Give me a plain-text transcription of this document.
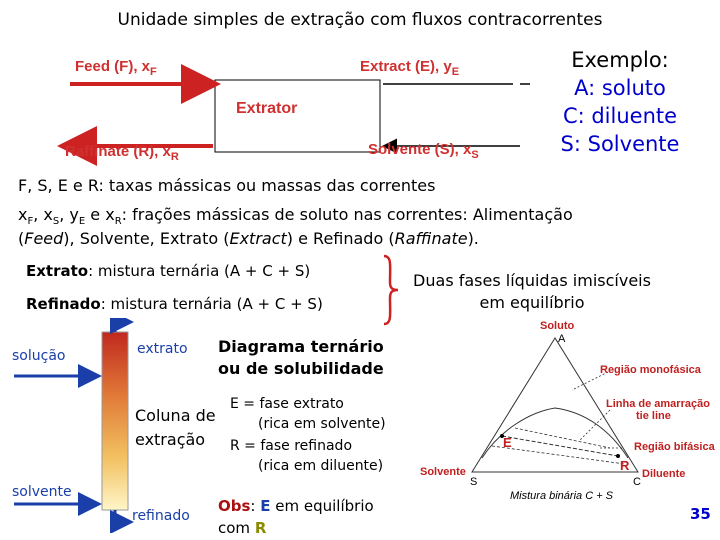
Unidade simples de extração com fluxos contracorrentes
Extrator
Feed (F), $x_F$	Extract (E), $y_E$
Raffinate (R), $x_R$	Solvente (S), $x_S$
Exemplo:
A: soluto
C: diluente
S: Solvente
F, S, E e R: taxas mássicas ou massas das correntes
$x_F$, $x_S$, $y_E$ e $x_R$: frações mássicas de soluto nas correntes: Alimentação
(Feed), Solvente, Extrato (Extract) e Refinado (Raffinate).
Extrato: mistura ternária (A + C + S)
Refinado: mistura ternária (A + C + S)
Duas fases líquidas imiscíveis
em equilíbrio
solução	extrato
solvente
refinado
Diagrama ternário
ou de solubilidade
Coluna de
extração
E = fase extrato
(rica em solvente)
R = fase refinado
(rica em diluente)
Obs: E em equilíbrio
com R
Soluto
A
Região monofásica
Linha de amarração
tie line
E	Região bifásica
R
Solvente	Diluente
S	C
Mistura binária C + S
35
